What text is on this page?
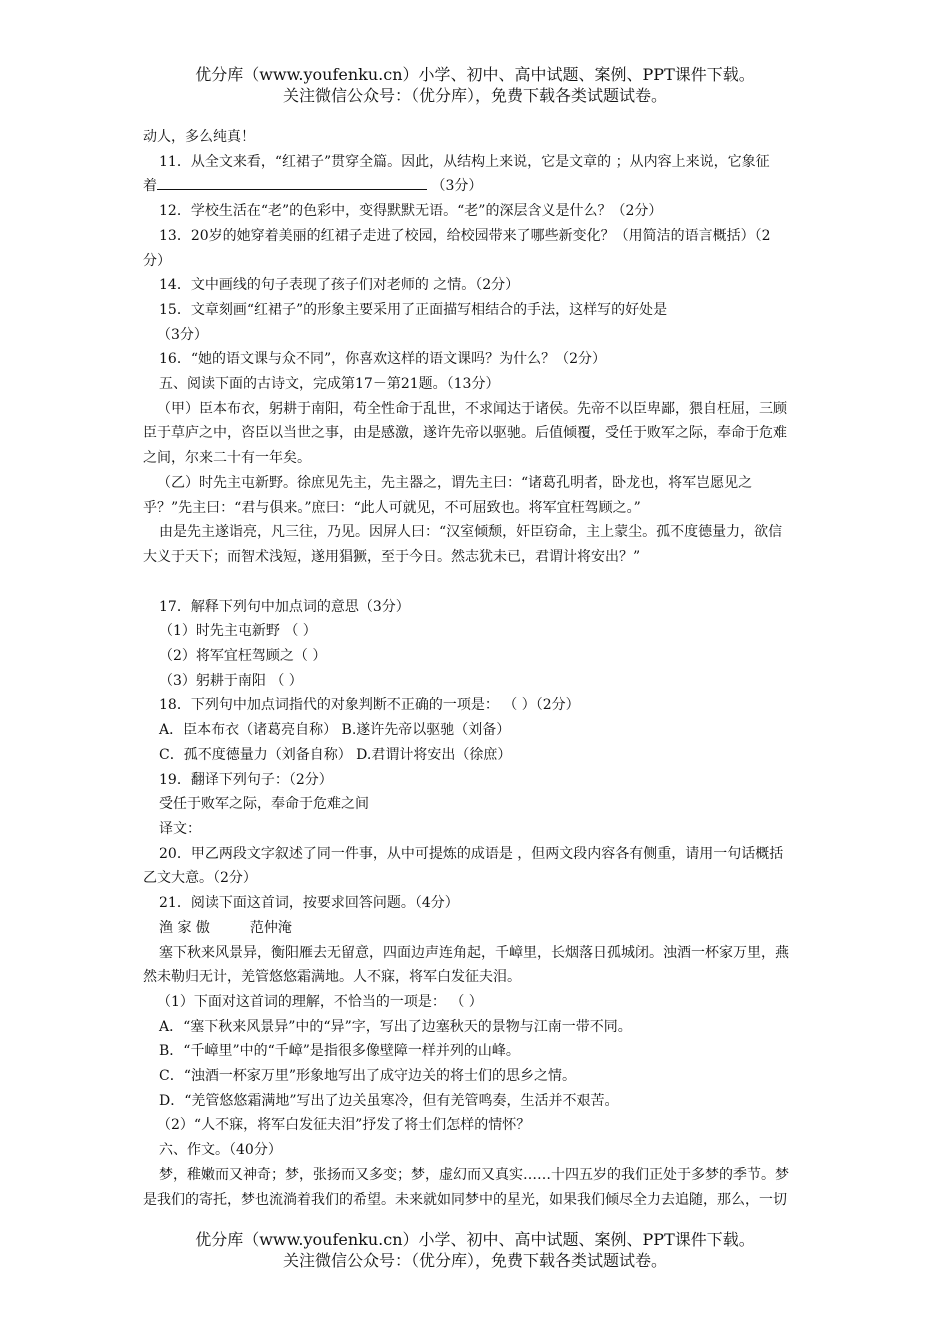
优分库（www.youfenku.cn）小学、初中、高中试题、案例、PPT课件下载。
关注微信公众号：（优分库），免费下载各类试题试卷。

动人，多么纯真！

11．从全文来看，“红裙子”贯穿全篇。因此，从结构上来说，它是文章的 ；从内容上来说，它象征

着	（3分）

12．学校生活在“老”的色彩中，变得默默无语。“老”的深层含义是什么？（2分）

13．20岁的她穿着美丽的红裙子走进了校园，给校园带来了哪些新变化？（用简洁的语言概括）（2

分）

14．文中画线的句子表现了孩子们对老师的 之情。（2分）

15．文章刻画“红裙子”的形象主要采用了正面描写相结合的手法，这样写的好处是

（3分）

16．“她的语文课与众不同”，你喜欢这样的语文课吗？为什么？（2分）

五、阅读下面的古诗文，完成第17－第21题。（13分）

（甲）臣本布衣，躬耕于南阳，苟全性命于乱世，不求闻达于诸侯。先帝不以臣卑鄙，猥自枉屈，三顾

臣于草庐之中，咨臣以当世之事，由是感激，遂许先帝以驱驰。后值倾覆，受任于败军之际，奉命于危难

之间，尔来二十有一年矣。

（乙）时先主屯新野。徐庶见先主，先主器之，谓先主曰：“诸葛孔明者，卧龙也，将军岂愿见之

乎？”先主曰：“君与俱来。”庶曰：“此人可就见，不可屈致也。将军宜枉驾顾之。”

由是先主遂诣亮，凡三往，乃见。因屏人曰：“汉室倾颓，奸臣窃命，主上蒙尘。孤不度德量力，欲信

大义于天下；而智术浅短，遂用猖獗，至于今日。然志犹未已，君谓计将安出？”

17．解释下列句中加点词的意思（3分）

（1）时先主屯新野 （ ）

（2）将军宜枉驾顾之（ ）

（3）躬耕于南阳 （ ）

18．下列句中加点词指代的对象判断不正确的一项是： （ ）（2分）

A．臣本布衣（诸葛亮自称） B.遂许先帝以驱驰（刘备）

C．孤不度德量力（刘备自称） D.君谓计将安出（徐庶）

19．翻译下列句子：（2分）

受任于败军之际，奉命于危难之间

译文：

20．甲乙两段文字叙述了同一件事，从中可提炼的成语是 ，但两文段内容各有侧重，请用一句话概括

乙文大意。（2分）

21．阅读下面这首词，按要求回答问题。（4分）

渔 家 傲	范仲淹

塞下秋来风景异，衡阳雁去无留意，四面边声连角起，千嶂里，长烟落日孤城闭。浊酒一杯家万里，燕

然未勒归无计，羌管悠悠霜满地。人不寐，将军白发征夫泪。

（1）下面对这首词的理解，不恰当的一项是： （ ）

A．“塞下秋来风景异”中的“异”字，写出了边塞秋天的景物与江南一带不同。

B．“千嶂里”中的“千嶂”是指很多像壁障一样并列的山峰。

C．“浊酒一杯家万里”形象地写出了成守边关的将士们的思乡之情。

D．“羌管悠悠霜满地”写出了边关虽寒冷，但有羌管鸣奏，生活并不艰苦。

（2）“人不寐，将军白发征夫泪”抒发了将士们怎样的情怀？

六、作文。（40分）

梦，稚嫩而又神奇；梦，张扬而又多变；梦，虚幻而又真实……十四五岁的我们正处于多梦的季节。梦

是我们的寄托，梦也流淌着我们的希望。未来就如同梦中的星光，如果我们倾尽全力去追随，那么，一切

优分库（www.youfenku.cn）小学、初中、高中试题、案例、PPT课件下载。
关注微信公众号：（优分库），免费下载各类试题试卷。
